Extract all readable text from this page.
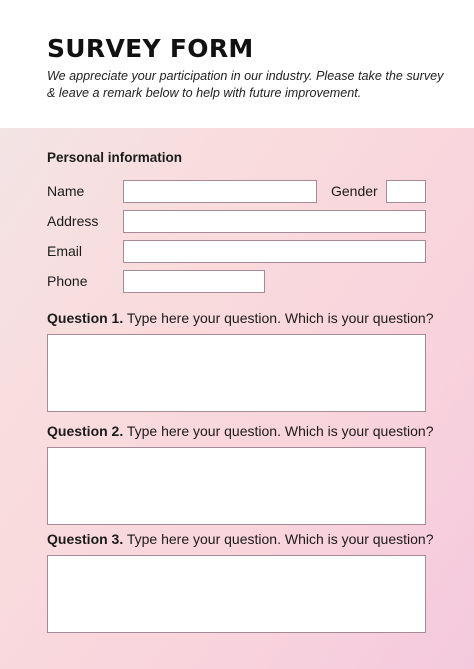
SURVEY FORM
We appreciate your participation in our industry. Please take the survey & leave a remark below to help with future improvement.
Personal information
Name	Gender
Address
Email
Phone
Question 1. Type here your question. Which is your question?
Question 2. Type here your question. Which is your question?
Question 3. Type here your question. Which is your question?
